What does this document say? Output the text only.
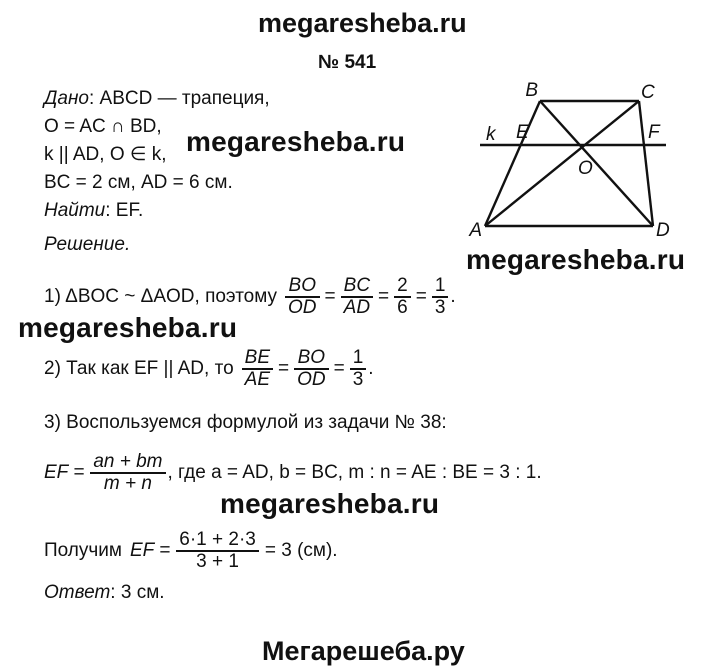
megaresheba.ru
№ 541
Дано: ABCD — трапеция,
O = AC ∩ BD,
k || AD, O ∈ k,
BC = 2 см, AD = 6 см.
Найти: EF.
Решение.
megaresheba.ru
B	C
A	D
k E	F
O
megaresheba.ru
1) ΔBOC ~ ΔAOD, поэтому $\frac{BO}{OD} = \frac{BC}{AD} = \frac{2}{6} = \frac{1}{3}$ .
megaresheba.ru
2) Так как EF || AD, то $\frac{BE}{AE} = \frac{BO}{OD} = \frac{1}{3}$ .
3) Воспользуемся формулой из задачи № 38:
EF = $\frac{an + bm}{m + n}$ , где a = AD, b = BC, m : n = AE : BE = 3 : 1.
megaresheba.ru
Получим EF = $\frac{6\cdot 1 + 2\cdot 3}{3 + 1} = 3$ (см).
Ответ: 3 см.
Мегарешеба.ру
